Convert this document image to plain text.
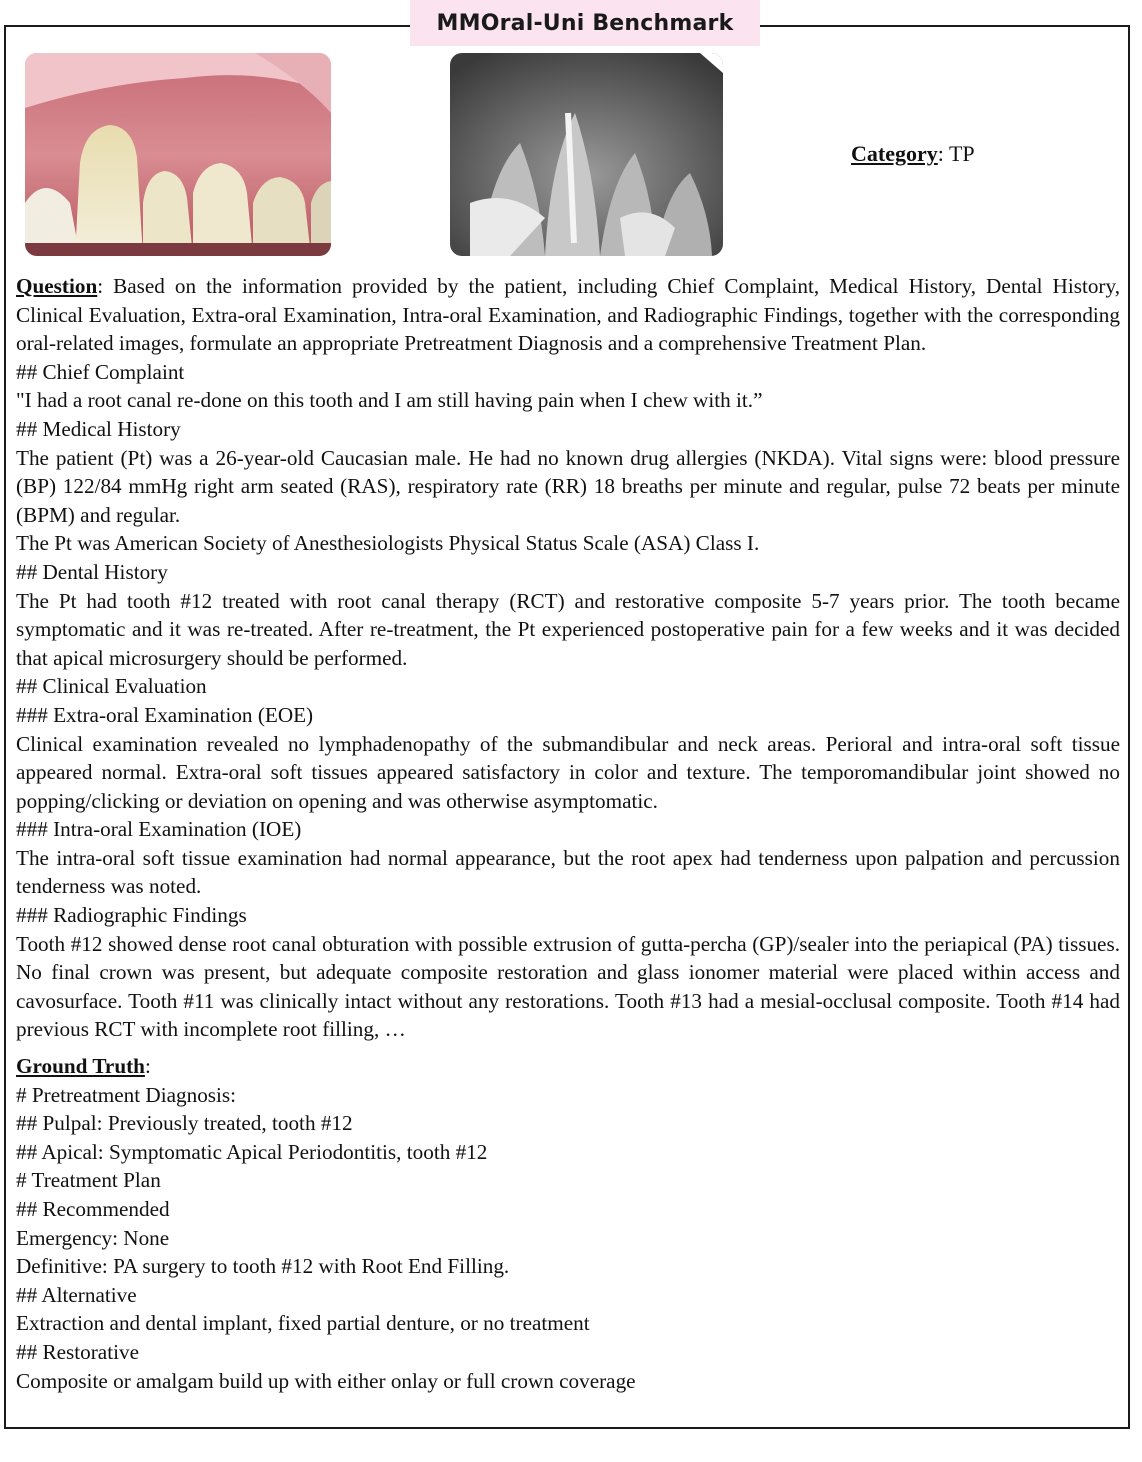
MMOral-Uni Benchmark
Category: TP

Question: Based on the information provided by the patient, including Chief Complaint, Medical History, Dental History, Clinical Evaluation, Extra-oral Examination, Intra-oral Examination, and Radiographic Findings, together with the corresponding oral-related images, formulate an appropriate Pretreatment Diagnosis and a comprehensive Treatment Plan.

## Chief Complaint

"I had a root canal re-done on this tooth and I am still having pain when I chew with it.”

## Medical History

The patient (Pt) was a 26-year-old Caucasian male. He had no known drug allergies (NKDA). Vital signs were: blood pressure (BP) 122/84 mmHg right arm seated (RAS), respiratory rate (RR) 18 breaths per minute and regular, pulse 72 beats per minute (BPM) and regular.

The Pt was American Society of Anesthesiologists Physical Status Scale (ASA) Class I.

## Dental History

The Pt had tooth #12 treated with root canal therapy (RCT) and restorative composite 5-7 years prior. The tooth became symptomatic and it was re-treated. After re-treatment, the Pt experienced postoperative pain for a few weeks and it was decided that apical microsurgery should be performed.

## Clinical Evaluation

### Extra-oral Examination (EOE)

Clinical examination revealed no lymphadenopathy of the submandibular and neck areas. Perioral and intra-oral soft tissue appeared normal. Extra-oral soft tissues appeared satisfactory in color and texture. The temporomandibular joint showed no popping/clicking or deviation on opening and was otherwise asymptomatic.

### Intra-oral Examination (IOE)

The intra-oral soft tissue examination had normal appearance, but the root apex had tenderness upon palpation and percussion tenderness was noted.

### Radiographic Findings

Tooth #12 showed dense root canal obturation with possible extrusion of gutta-percha (GP)/sealer into the periapical (PA) tissues. No final crown was present, but adequate composite restoration and glass ionomer material were placed within access and cavosurface. Tooth #11 was clinically intact without any restorations. Tooth #13 had a mesial-occlusal composite. Tooth #14 had previous RCT with incomplete root filling, …

Ground Truth:

# Pretreatment Diagnosis:

## Pulpal: Previously treated, tooth #12

## Apical: Symptomatic Apical Periodontitis, tooth #12

# Treatment Plan

## Recommended

Emergency: None

Definitive: PA surgery to tooth #12 with Root End Filling.

## Alternative

Extraction and dental implant, fixed partial denture, or no treatment

## Restorative

Composite or amalgam build up with either onlay or full crown coverage
